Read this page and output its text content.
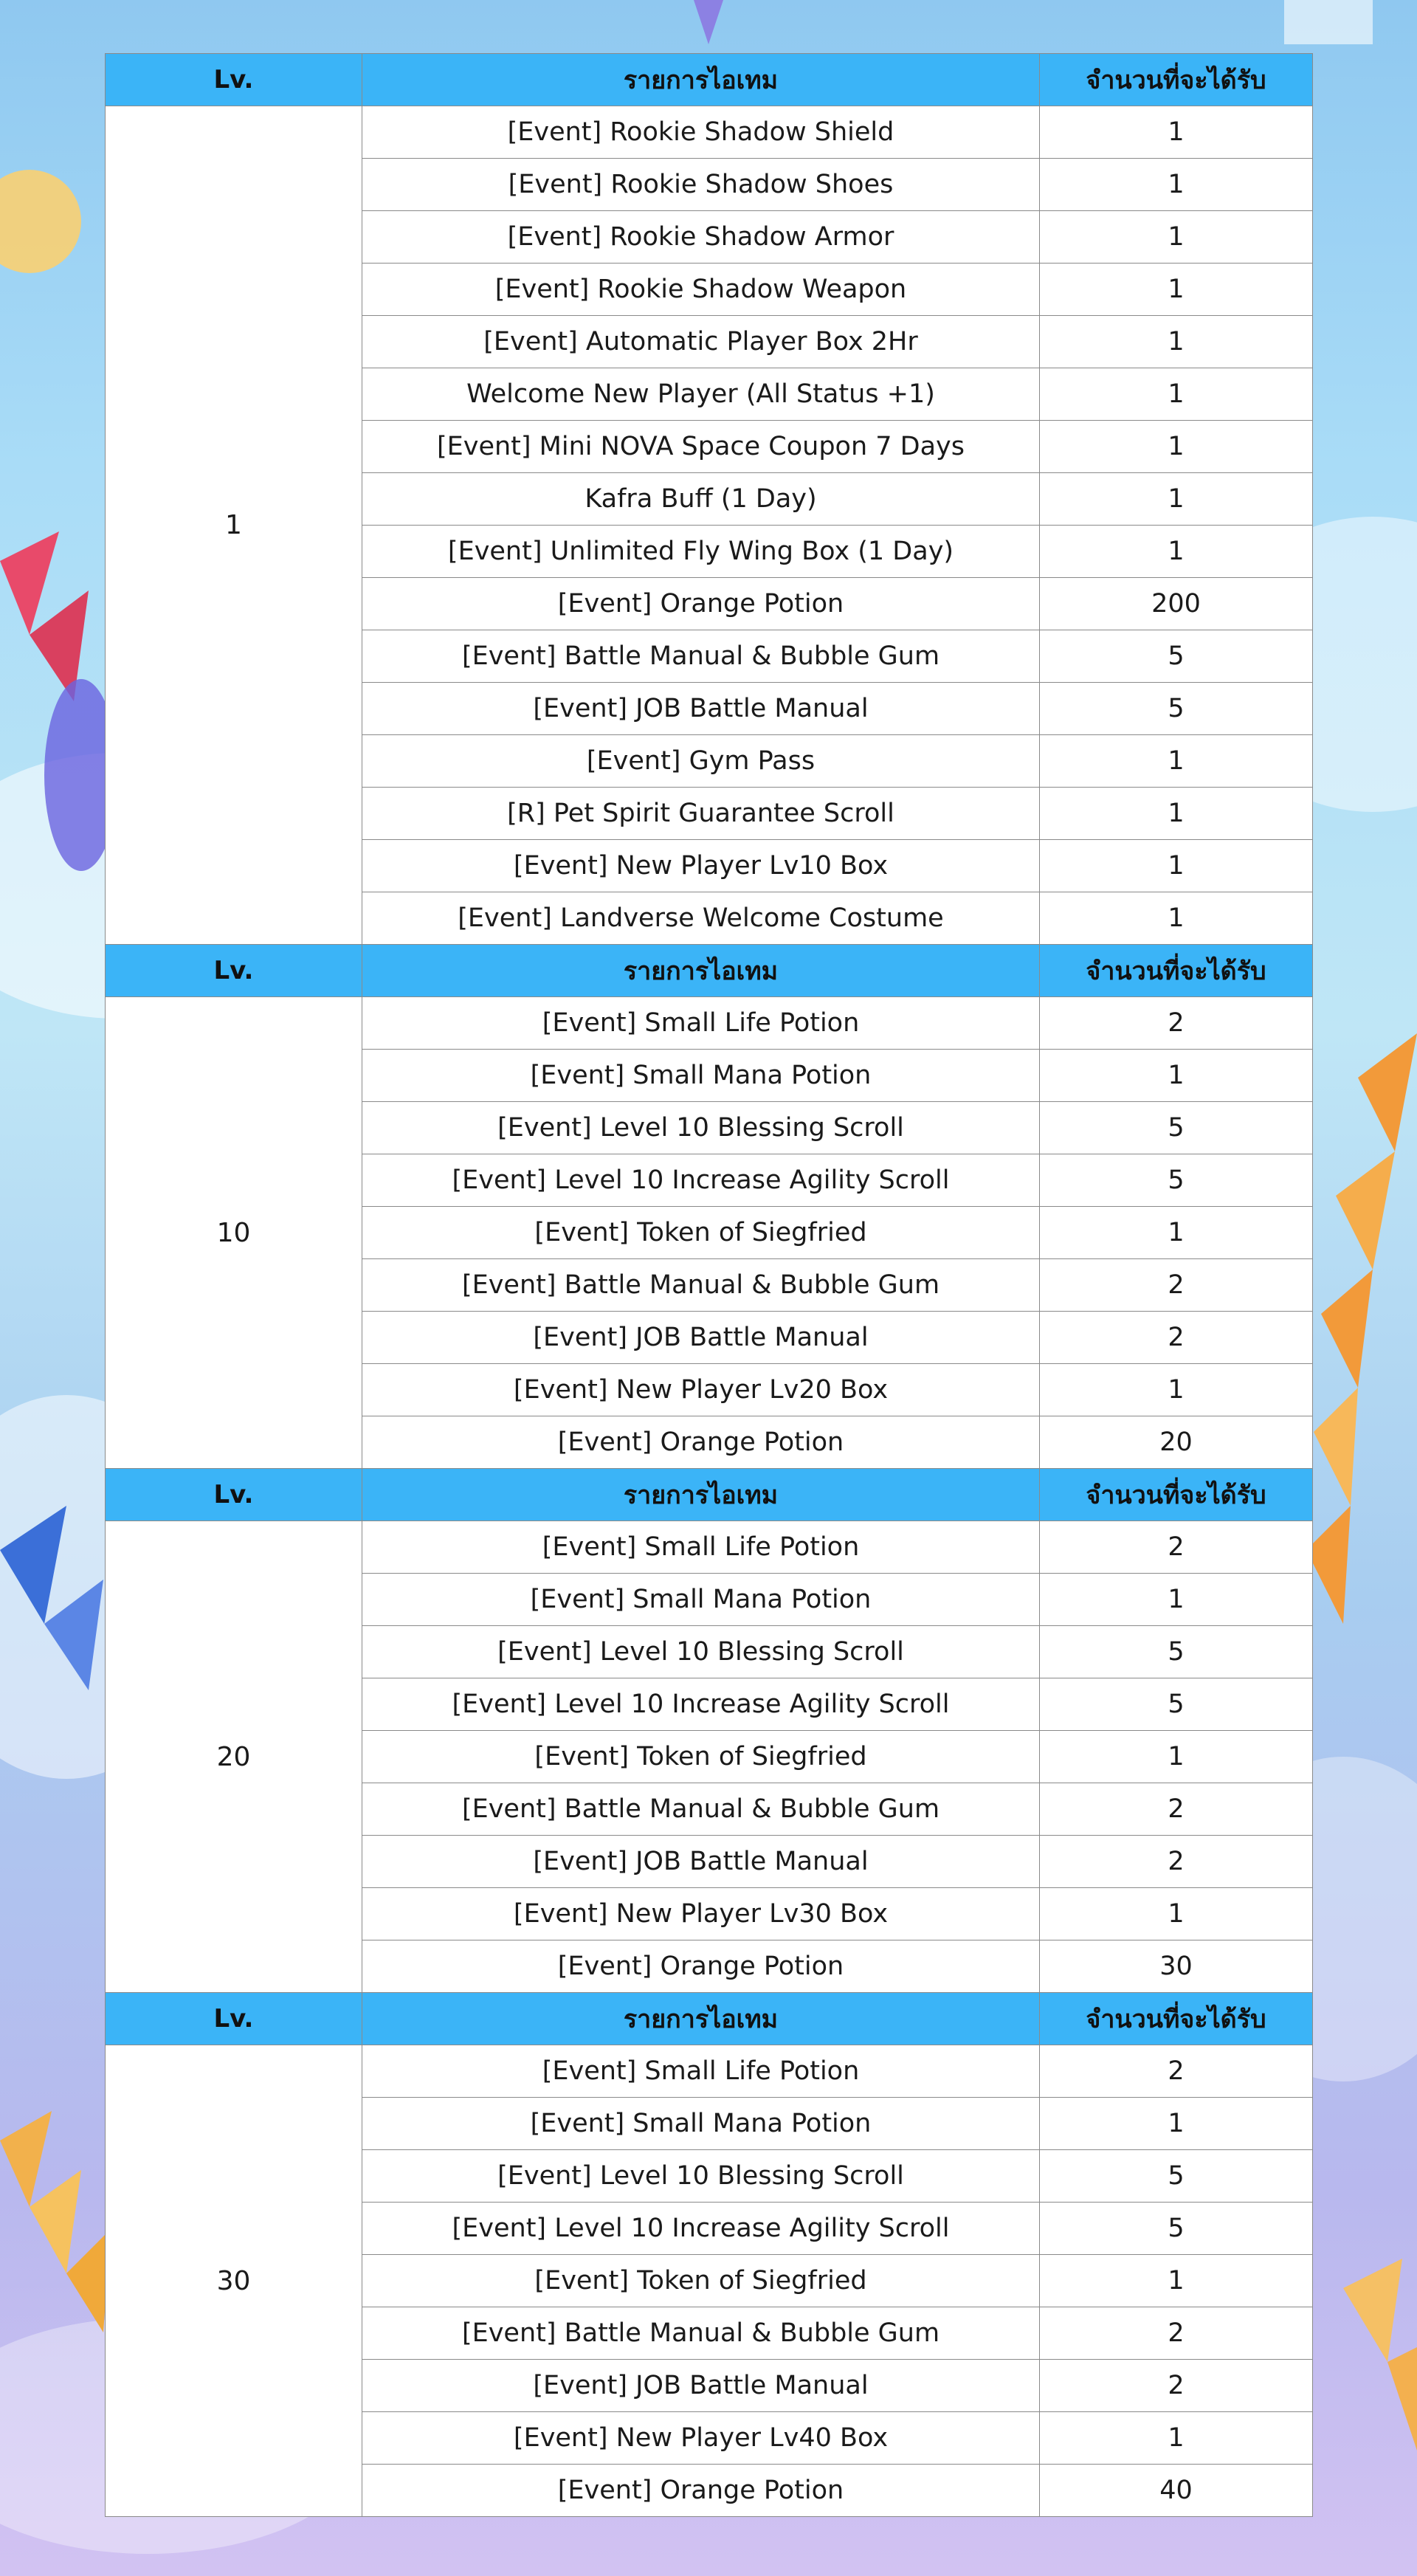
Lv.	รายการไอเทม	จำนวนที่จะได้รับ
1	[Event] Rookie Shadow Shield	1
	[Event] Rookie Shadow Shoes	1
	[Event] Rookie Shadow Armor	1
	[Event] Rookie Shadow Weapon	1
	[Event] Automatic Player Box 2Hr	1
	Welcome New Player (All Status +1)	1
	[Event] Mini NOVA Space Coupon 7 Days	1
	Kafra Buff (1 Day)	1
	[Event] Unlimited Fly Wing Box (1 Day)	1
	[Event] Orange Potion	200
	[Event] Battle Manual & Bubble Gum	5
	[Event] JOB Battle Manual	5
	[Event] Gym Pass	1
	[R] Pet Spirit Guarantee Scroll	1
	[Event] New Player Lv10 Box	1
	[Event] Landverse Welcome Costume	1
Lv.	รายการไอเทม	จำนวนที่จะได้รับ
10	[Event] Small Life Potion	2
	[Event] Small Mana Potion	1
	[Event] Level 10 Blessing Scroll	5
	[Event] Level 10 Increase Agility Scroll	5
	[Event] Token of Siegfried	1
	[Event] Battle Manual & Bubble Gum	2
	[Event] JOB Battle Manual	2
	[Event] New Player Lv20 Box	1
	[Event] Orange Potion	20
Lv.	รายการไอเทม	จำนวนที่จะได้รับ
20	[Event] Small Life Potion	2
	[Event] Small Mana Potion	1
	[Event] Level 10 Blessing Scroll	5
	[Event] Level 10 Increase Agility Scroll	5
	[Event] Token of Siegfried	1
	[Event] Battle Manual & Bubble Gum	2
	[Event] JOB Battle Manual	2
	[Event] New Player Lv30 Box	1
	[Event] Orange Potion	30
Lv.	รายการไอเทม	จำนวนที่จะได้รับ
30	[Event] Small Life Potion	2
	[Event] Small Mana Potion	1
	[Event] Level 10 Blessing Scroll	5
	[Event] Level 10 Increase Agility Scroll	5
	[Event] Token of Siegfried	1
	[Event] Battle Manual & Bubble Gum	2
	[Event] JOB Battle Manual	2
	[Event] New Player Lv40 Box	1
	[Event] Orange Potion	40
